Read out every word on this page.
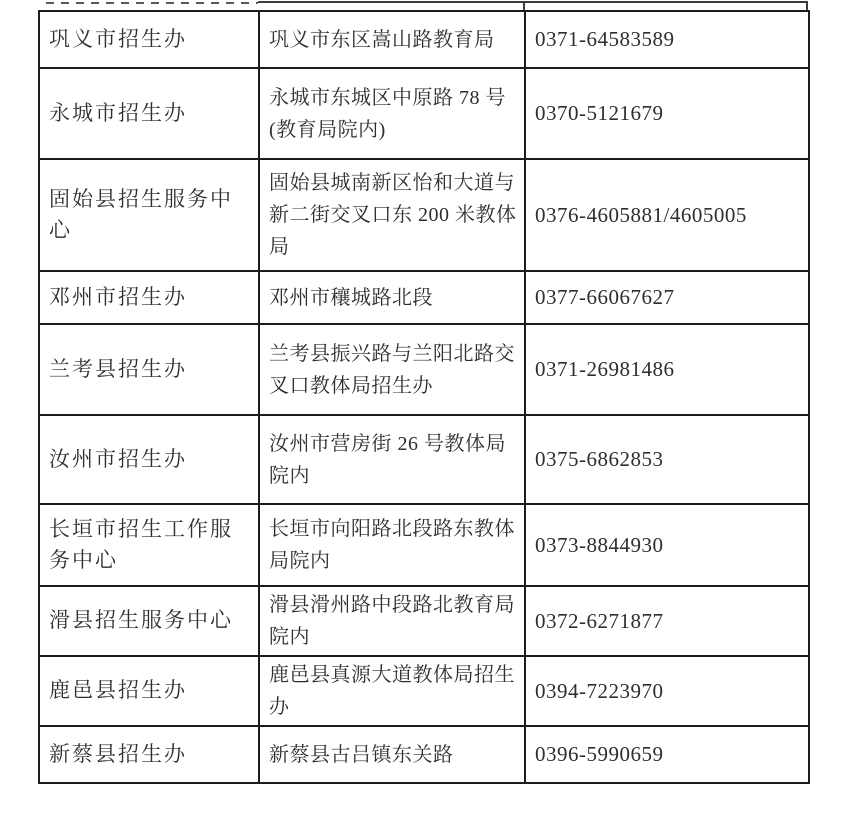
巩义市招生办	巩义市东区嵩山路教育局	0371-64583589
永城市招生办	永城市东城区中原路 78 号(教育局院内)	0370-5121679
固始县招生服务中心	固始县城南新区怡和大道与新二街交叉口东 200 米教体局	0376-4605881/4605005
邓州市招生办	邓州市穰城路北段	0377-66067627
兰考县招生办	兰考县振兴路与兰阳北路交叉口教体局招生办	0371-26981486
汝州市招生办	汝州市营房街 26 号教体局院内	0375-6862853
长垣市招生工作服务中心	长垣市向阳路北段路东教体局院内	0373-8844930
滑县招生服务中心	滑县滑州路中段路北教育局院内	0372-6271877
鹿邑县招生办	鹿邑县真源大道教体局招生办	0394-7223970
新蔡县招生办	新蔡县古吕镇东关路	0396-5990659
